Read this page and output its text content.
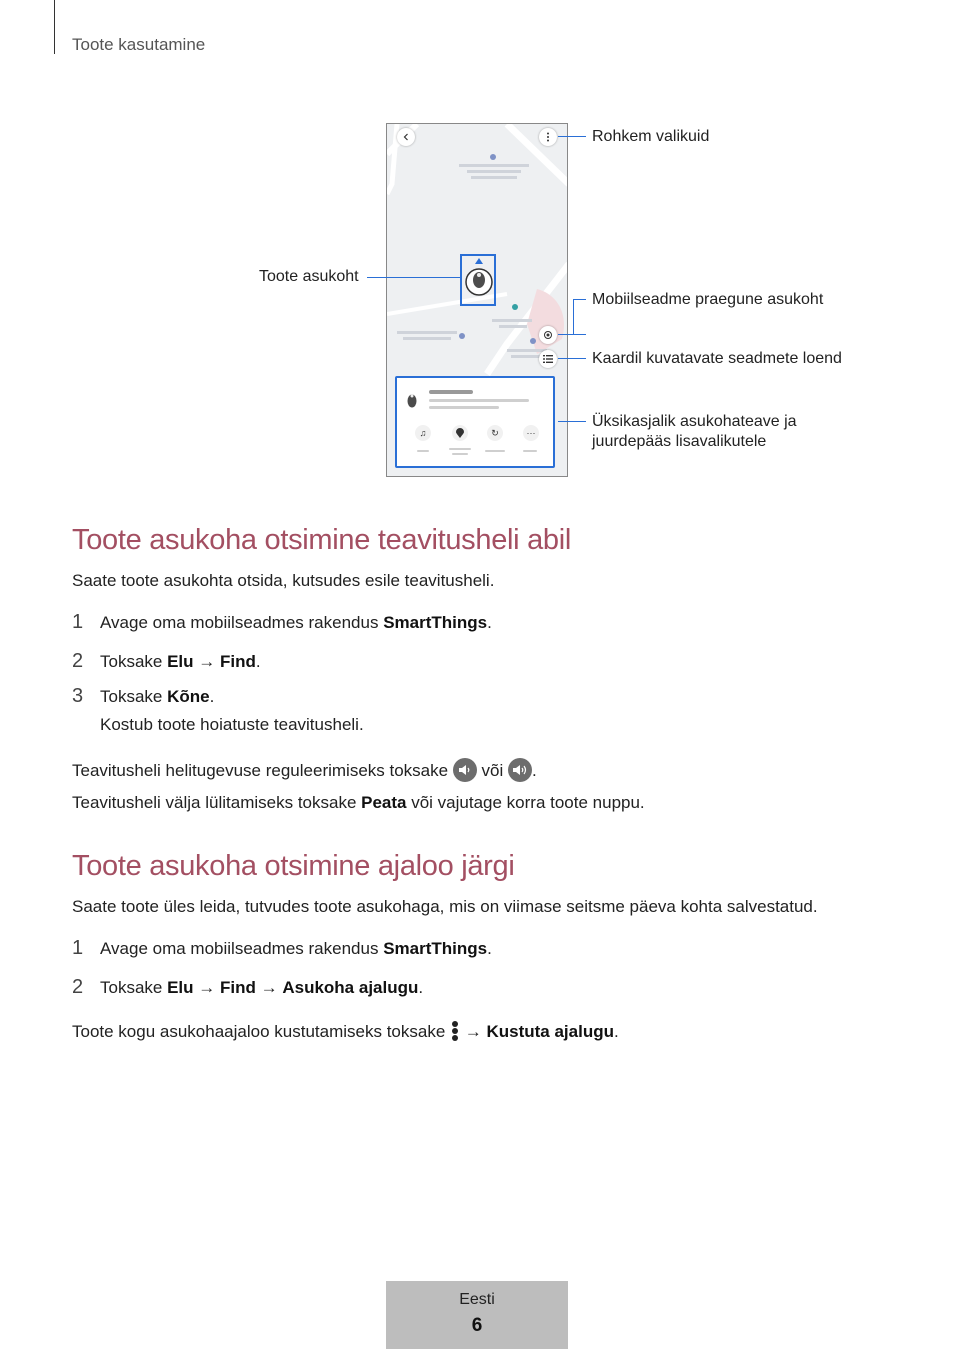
Toote kasutamine
♫	↻	···
Rohkem valikuid
Toote asukoht
Mobiilseadme praegune asukoht
Kaardil kuvatavate seadmete loend
Üksikasjalik asukohateave ja
juurdepääs lisavalikutele
Toote asukoha otsimine teavitusheli abil
Saate toote asukohta otsida, kutsudes esile teavitusheli.
1 Avage oma mobiilseadmes rakendus SmartThings.
2 Toksake Elu → Find.
3 Toksake Kõne.
Kostub toote hoiatuste teavitusheli.
Teavitusheli helitugevuse reguleerimiseks toksake
või
.
Teavitusheli välja lülitamiseks toksake Peata või vajutage korra toote nuppu.
Toote asukoha otsimine ajaloo järgi
Saate toote üles leida, tutvudes toote asukohaga, mis on viimase seitsme päeva kohta salvestatud.
1 Avage oma mobiilseadmes rakendus SmartThings.
2 Toksake Elu → Find → Asukoha ajalugu.
Toote kogu asukohaajaloo kustutamiseks toksake
→ Kustuta ajalugu.
Eesti
6
